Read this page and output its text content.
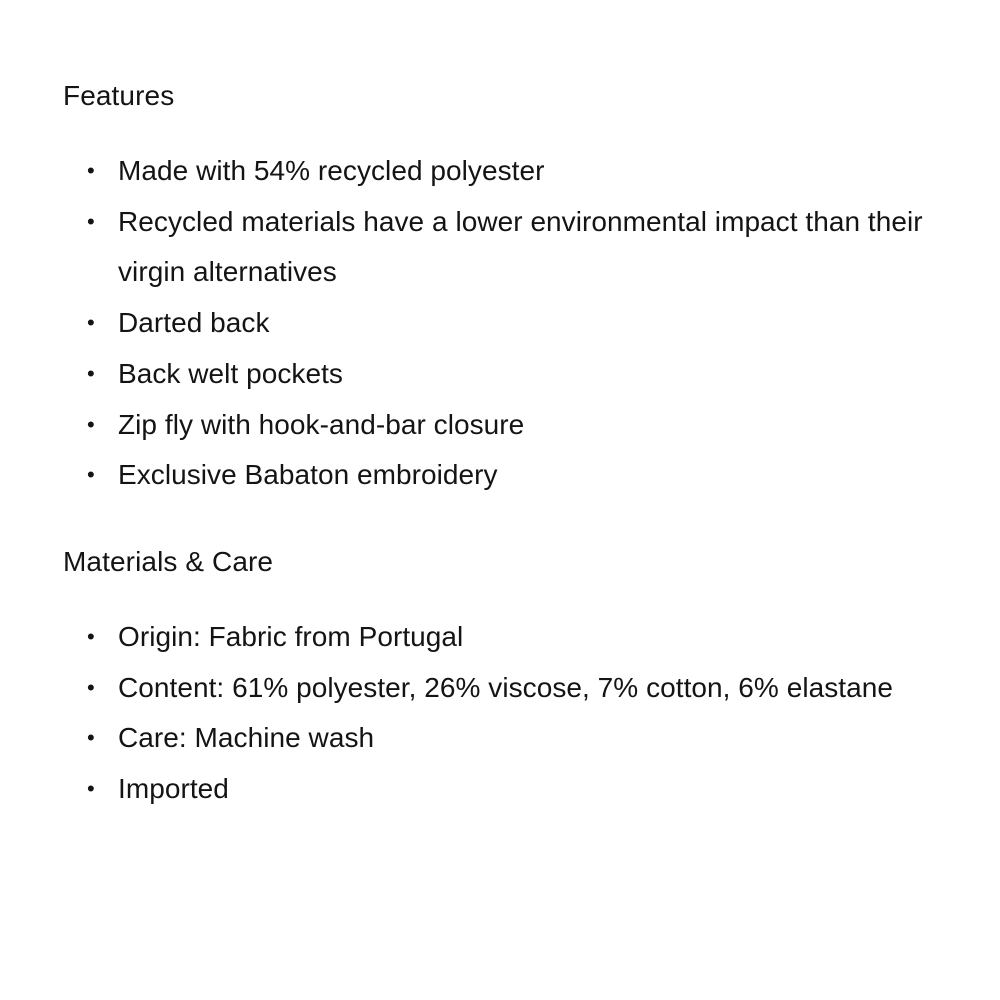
Features
• Made with 54% recycled polyester
• Recycled materials have a lower environmental impact than their virgin alternatives
• Darted back
• Back welt pockets
• Zip fly with hook-and-bar closure
• Exclusive Babaton embroidery
Materials & Care
• Origin: Fabric from Portugal
• Content: 61% polyester, 26% viscose, 7% cotton, 6% elastane
• Care: Machine wash
• Imported
